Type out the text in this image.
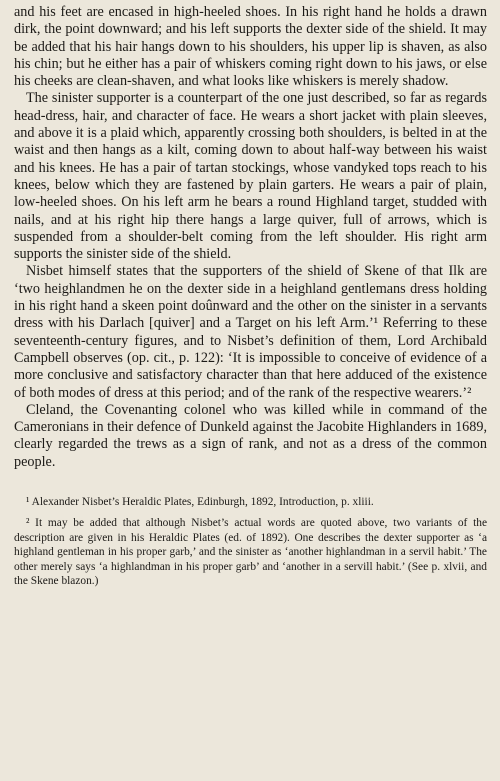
and his feet are encased in high-heeled shoes. In his right hand he holds a drawn dirk, the point downward; and his left supports the dexter side of the shield. It may be added that his hair hangs down to his shoulders, his upper lip is shaven, as also his chin; but he either has a pair of whiskers coming right down to his jaws, or else his cheeks are clean-shaven, and what looks like whiskers is merely shadow.

The sinister supporter is a counterpart of the one just described, so far as regards head-dress, hair, and character of face. He wears a short jacket with plain sleeves, and above it is a plaid which, apparently crossing both shoulders, is belted in at the waist and then hangs as a kilt, coming down to about half-way between his waist and his knees. He has a pair of tartan stockings, whose vandyked tops reach to his knees, below which they are fastened by plain garters. He wears a pair of plain, low-heeled shoes. On his left arm he bears a round Highland target, studded with nails, and at his right hip there hangs a large quiver, full of arrows, which is suspended from a shoulder-belt coming from the left shoulder. His right arm supports the sinister side of the shield.

Nisbet himself states that the supporters of the shield of Skene of that Ilk are ‘two heighlandmen he on the dexter side in a heighland gentlemans dress holding in his right hand a skeen point doûnward and the other on the sinister in a servants dress with his Darlach [quiver] and a Target on his left Arm.’¹ Referring to these seventeenth-century figures, and to Nisbet’s definition of them, Lord Archibald Campbell observes (op. cit., p. 122): ‘It is impossible to conceive of evidence of a more conclusive and satisfactory character than that here adduced of the existence of both modes of dress at this period; and of the rank of the respective wearers.’²

Cleland, the Covenanting colonel who was killed while in command of the Cameronians in their defence of Dunkeld against the Jacobite Highlanders in 1689, clearly regarded the trews as a sign of rank, and not as a dress of the common people.

¹ Alexander Nisbet’s Heraldic Plates, Edinburgh, 1892, Introduction, p. xliii.

² It may be added that although Nisbet’s actual words are quoted above, two variants of the description are given in his Heraldic Plates (ed. of 1892). One describes the dexter supporter as ‘a highland gentleman in his proper garb,’ and the sinister as ‘another highlandman in a servil habit.’ The other merely says ‘a highlandman in his proper garb’ and ‘another in a servill habit.’ (See p. xlvii, and the Skene blazon.)
